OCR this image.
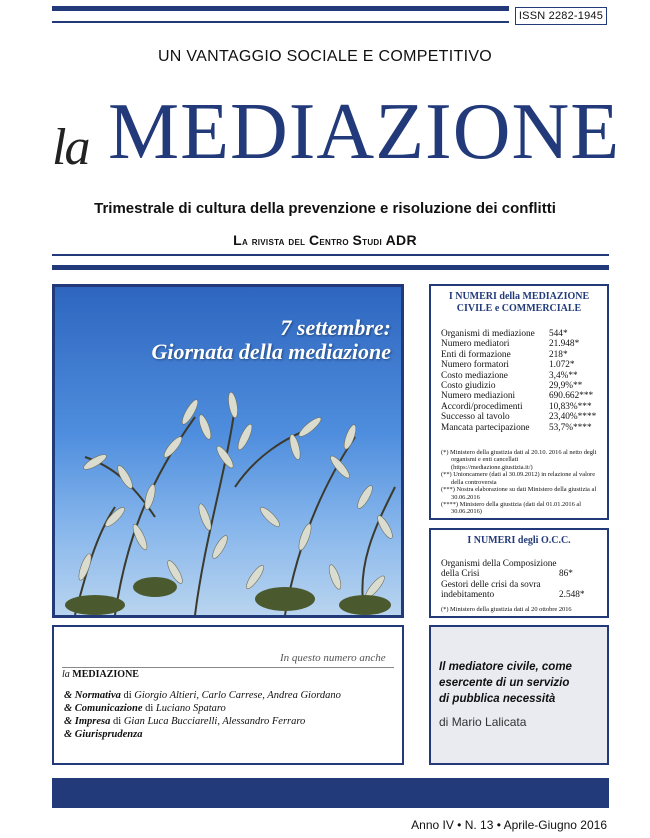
ISSN 2282-1945
UN VANTAGGIO SOCIALE E COMPETITIVO
la MEDIAZIONE
Trimestrale di cultura della prevenzione e risoluzione dei conflitti
La rivista del Centro Studi ADR
7 settembre:
Giornata della mediazione
I NUMERI della MEDIAZIONE
CIVILE e COMMERCIALE
Organismi di mediazione	544*
Numero mediatori	21.948*
Enti di formazione	218*
Numero formatori	1.072*
Costo mediazione	3,4%**
Costo giudizio	29,9%**
Numero mediazioni	690.662***
Accordi/procedimenti	10,83%***
Successo al tavolo	23,40%****
Mancata partecipazione	53,7%****
(*) Ministero della giustizia dati al 20.10. 2016 al netto degli organismi e enti cancellati (https://mediazione.giustizia.it/)
(**) Unioncamere (dati al 30.09.2012) in relazione al valore della controversia
(***) Nostra elaborazione su dati Ministero della giustizia al 30.06.2016
(****) Ministero della giustizia (dati dal 01.01.2016 al 30.06.2016)
I NUMERI degli O.C.C.
Organismi della Composizione della Crisi	86*
Gestori delle crisi da sovra indebitamento	2.548*
(*) Ministero della giustizia dati al 20 ottobre 2016
In questo numero anche
la MEDIAZIONE
& Normativa di Giorgio Altieri, Carlo Carrese, Andrea Giordano
& Comunicazione di Luciano Spataro
& Impresa di Gian Luca Bucciarelli, Alessandro Ferraro
& Giurisprudenza
Il mediatore civile, come
esercente di un servizio
di pubblica necessità
di Mario Lalicata
Anno IV • N. 13 • Aprile-Giugno 2016
